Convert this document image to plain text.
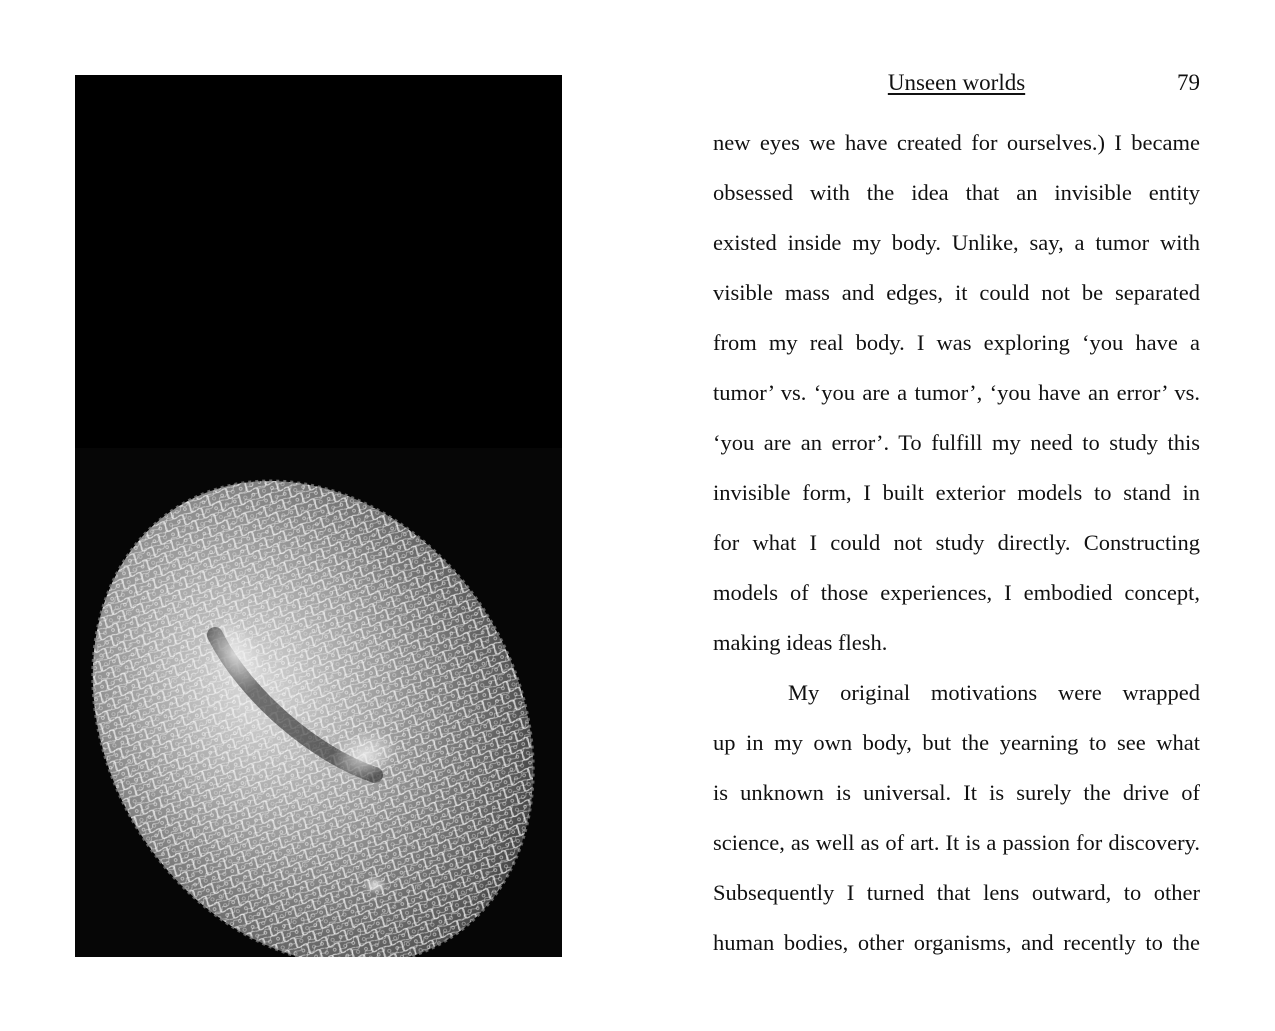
Unseen worlds	79
new eyes we have created for ourselves.) I became
obsessed with the idea that an invisible entity
existed inside my body. Unlike, say, a tumor with
visible mass and edges, it could not be separated
from my real body. I was exploring ‘you have a
tumor’ vs. ‘you are a tumor’, ‘you have an error’ vs.
‘you are an error’. To fulfill my need to study this
invisible form, I built exterior models to stand in
for what I could not study directly. Constructing
models of those experiences, I embodied concept,
making ideas flesh.
My original motivations were wrapped
up in my own body, but the yearning to see what
is unknown is universal. It is surely the drive of
science, as well as of art. It is a passion for discovery.
Subsequently I turned that lens outward, to other
human bodies, other organisms, and recently to the
